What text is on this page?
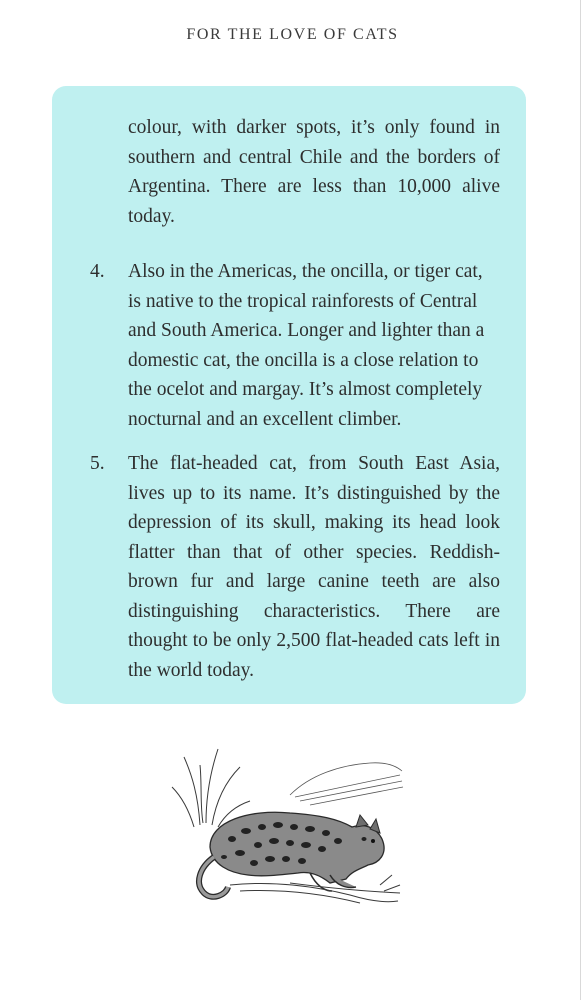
FOR THE LOVE OF CATS
colour, with darker spots, it’s only found in southern and central Chile and the borders of Argentina. There are less than 10,000 alive today.
4.	Also in the Americas, the oncilla, or tiger cat, is native to the tropical rainforests of Central and South America. Longer and lighter than a domestic cat, the oncilla is a close relation to the ocelot and margay. It’s almost completely nocturnal and an excellent climber.
5.	The flat-headed cat, from South East Asia, lives up to its name. It’s distinguished by the depression of its skull, making its head look flatter than that of other species. Reddish-brown fur and large canine teeth are also distinguishing characteristics. There are thought to be only 2,500 flat-headed cats left in the world today.
